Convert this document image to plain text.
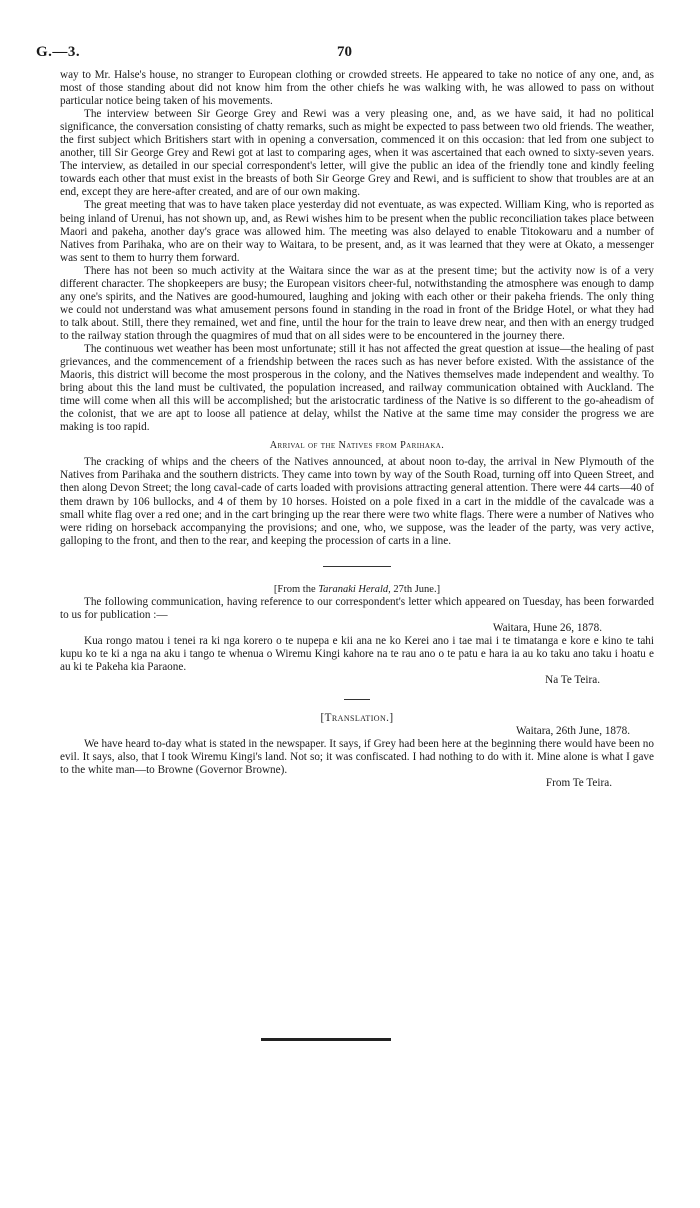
G.—3.	70

way to Mr. Halse's house, no stranger to European clothing or crowded streets. He appeared to take no notice of any one, and, as most of those standing about did not know him from the other chiefs he was walking with, he was allowed to pass on without particular notice being taken of his movements.

The interview between Sir George Grey and Rewi was a very pleasing one, and, as we have said, it had no political significance, the conversation consisting of chatty remarks, such as might be expected to pass between two old friends. The weather, the first subject which Britishers start with in opening a conversation, commenced it on this occasion: that led from one subject to another, till Sir George Grey and Rewi got at last to comparing ages, when it was ascertained that each owned to sixty-seven years. The interview, as detailed in our special correspondent's letter, will give the public an idea of the friendly tone and kindly feeling towards each other that must exist in the breasts of both Sir George Grey and Rewi, and is sufficient to show that troubles are at an end, except they are here-after created, and are of our own making.

The great meeting that was to have taken place yesterday did not eventuate, as was expected. William King, who is reported as being inland of Urenui, has not shown up, and, as Rewi wishes him to be present when the public reconciliation takes place between Maori and pakeha, another day's grace was allowed him. The meeting was also delayed to enable Titokowaru and a number of Natives from Parihaka, who are on their way to Waitara, to be present, and, as it was learned that they were at Okato, a messenger was sent to them to hurry them forward.

There has not been so much activity at the Waitara since the war as at the present time; but the activity now is of a very different character. The shopkeepers are busy; the European visitors cheer-ful, notwithstanding the atmosphere was enough to damp any one's spirits, and the Natives are good-humoured, laughing and joking with each other or their pakeha friends. The only thing we could not understand was what amusement persons found in standing in the road in front of the Bridge Hotel, or what they had to talk about. Still, there they remained, wet and fine, until the hour for the train to leave drew near, and then with an energy trudged to the railway station through the quagmires of mud that on all sides were to be encountered in the journey there.

The continuous wet weather has been most unfortunate; still it has not affected the great question at issue—the healing of past grievances, and the commencement of a friendship between the races such as has never before existed. With the assistance of the Maoris, this district will become the most prosperous in the colony, and the Natives themselves made independent and wealthy. To bring about this the land must be cultivated, the population increased, and railway communication obtained with Auckland. The time will come when all this will be accomplished; but the aristocratic tardiness of the Native is so different to the go-aheadism of the colonist, that we are apt to loose all patience at delay, whilst the Native at the same time may consider the progress we are making is too rapid.

Arrival of the Natives from Parihaka.

The cracking of whips and the cheers of the Natives announced, at about noon to-day, the arrival in New Plymouth of the Natives from Parihaka and the southern districts. They came into town by way of the South Road, turning off into Queen Street, and then along Devon Street; the long caval-cade of carts loaded with provisions attracting general attention. There were 44 carts—40 of them drawn by 106 bullocks, and 4 of them by 10 horses. Hoisted on a pole fixed in a cart in the middle of the cavalcade was a small white flag over a red one; and in the cart bringing up the rear there were two white flags. There were a number of Natives who were riding on horseback accompanying the provisions; and one, who, we suppose, was the leader of the party, was very active, galloping to the front, and then to the rear, and keeping the procession of carts in a line.

[From the Taranaki Herald, 27th June.]

The following communication, having reference to our correspondent's letter which appeared on Tuesday, has been forwarded to us for publication :—

Waitara, Hune 26, 1878.

Kua rongo matou i tenei ra ki nga korero o te nupepa e kii ana ne ko Kerei ano i tae mai i te timatanga e kore e kino te tahi kupu ko te ki a nga na aku i tango te whenua o Wiremu Kingi kahore na te rau ano o te patu e hara ia au ko taku ano taku i hoatu e au ki te Pakeha kia Paraone.

Na Te Teira.

[Translation.]

Waitara, 26th June, 1878.

We have heard to-day what is stated in the newspaper. It says, if Grey had been here at the beginning there would have been no evil. It says, also, that I took Wiremu Kingi's land. Not so; it was confiscated. I had nothing to do with it. Mine alone is what I gave to the white man—to Browne (Governor Browne).

From Te Teira.
